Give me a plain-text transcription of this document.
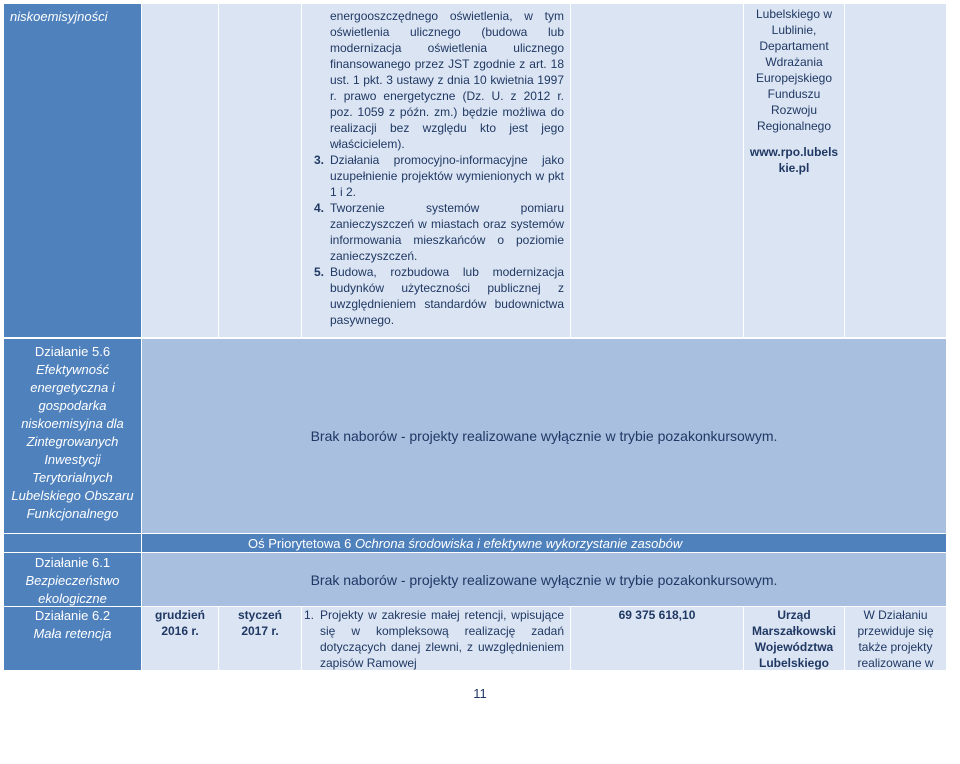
niskoemisyjności	energooszczędnego oświetlenia, w tym oświetlenia ulicznego (budowa lub modernizacja oświetlenia ulicznego finansowanego przez JST zgodnie z art. 18 ust. 1 pkt. 3 ustawy z dnia 10 kwietnia 1997 r. prawo energetyczne (Dz. U. z 2012 r. poz. 1059 z późn. zm.) będzie możliwa do realizacji bez względu kto jest jego właścicielem).
3. Działania promocyjno-informacyjne jako uzupełnienie projektów wymienionych w pkt 1 i 2.
4. Tworzenie systemów pomiaru zanieczyszczeń w miastach oraz systemów informowania mieszkańców o poziomie zanieczyszczeń.
5. Budowa, rozbudowa lub modernizacja budynków użyteczności publicznej z uwzględnieniem standardów budownictwa pasywnego.
Lubelskiego w Lublinie, Departament Wdrażania Europejskiego Funduszu Rozwoju Regionalnego
www.rpo.lubelskie.pl
Działanie 5.6
Efektywność energetyczna i gospodarka niskoemisyjna dla Zintegrowanych Inwestycji Terytorialnych Lubelskiego Obszaru Funkcjonalnego
Brak naborów - projekty realizowane wyłącznie w trybie pozakonkursowym.
Oś Priorytetowa 6 Ochrona środowiska i efektywne wykorzystanie zasobów
Działanie 6.1
Bezpieczeństwo ekologiczne
Brak naborów - projekty realizowane wyłącznie w trybie pozakonkursowym.
Działanie 6.2
Mała retencja
grudzień 2016 r.
styczeń 2017 r.
1. Projekty w zakresie małej retencji, wpisujące się w kompleksową realizację zadań dotyczących danej zlewni, z uwzględnieniem zapisów Ramowej
69 375 618,10	Urząd Marszałkowski Województwa Lubelskiego
W Działaniu przewiduje się także projekty realizowane w
11
